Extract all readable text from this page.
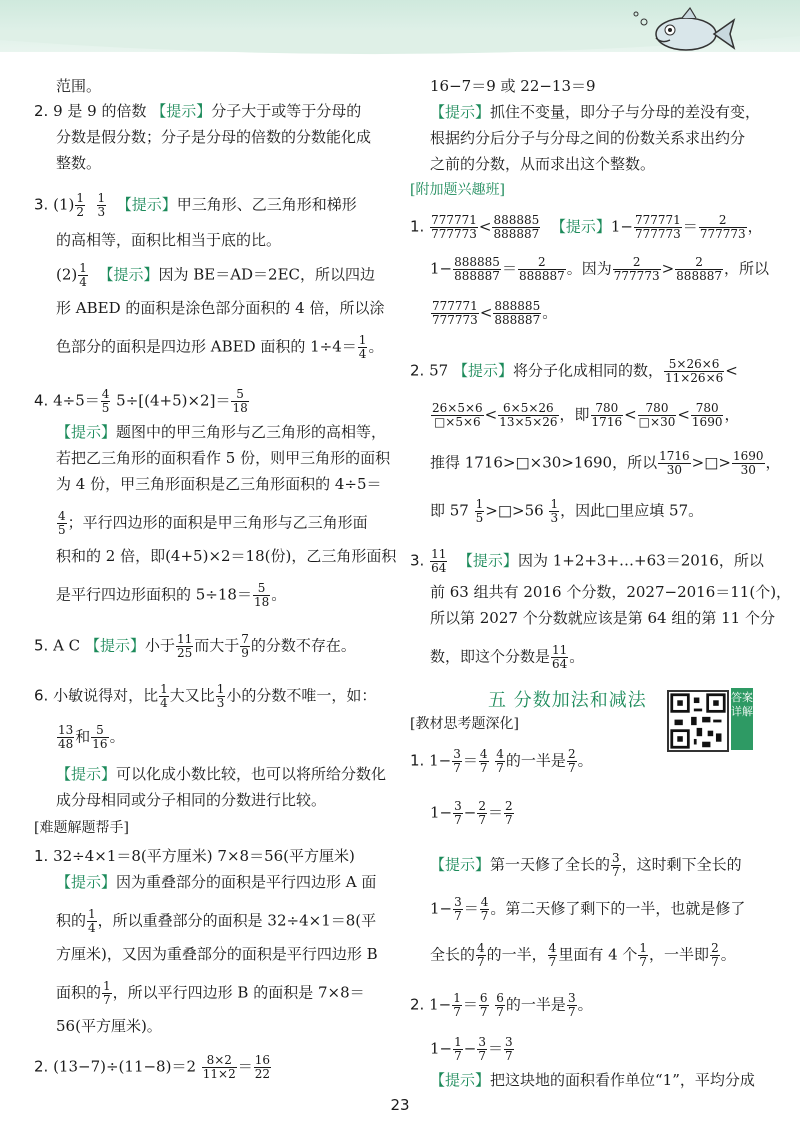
范围。
2. 9 是 9 的倍数 【提示】分子大于或等于分母的
分数是假分数；分子是分母的倍数的分数能化成
整数。
3. $(1) \frac{1}{2}$
$\frac{1}{3}$ 【提示】甲三角形、乙三角形和梯形
的高相等，面积比相当于底的比。
$(2) \frac{1}{4}$ 【提示】因为 BE＝AD＝2EC，所以四边
形 ABED 的面积是涂色部分面积的 4 倍，所以涂
色部分的面积是四边形 ABED 面积的 $1\div 4= \frac{1}{4}$ 。
4. $4\div 5= \frac{4}{5} 5\div[(4+5)\times 2]= \frac{5}{18}$
【提示】题图中的甲三角形与乙三角形的高相等，
若把乙三角形的面积看作 5 份，则甲三角形的面积
为 4 份，甲三角形面积是乙三角形面积的 4÷5＝
$\frac{4}{5}$ ；平行四边形的面积是甲三角形与乙三角形面
积和的 2 倍，即(4+5)×2＝18(份)，乙三角形面积
是平行四边形面积的 $5\div 18= \frac{5}{18}$ 。
5. A C 【提示】小于 $\frac{11}{25}$ 而大于 $\frac{7}{9}$ 的分数不存在。
6. 小敏说得对，比 $\frac{1}{4}$ 大又比 $\frac{1}{3}$ 小的分数不唯一，如：
$\frac{13}{48}$ 和 $\frac{5}{16}$ 。
【提示】可以化成小数比较，也可以将所给分数化
成分母相同或分子相同的分数进行比较。
[难题解题帮手]
1. 32÷4×1＝8(平方厘米) 7×8＝56(平方厘米)
【提示】因为重叠部分的面积是平行四边形 A 面
积的 $\frac{1}{4}$ ，所以重叠部分的面积是 32÷4×1＝8(平
方厘米)，又因为重叠部分的面积是平行四边形 B
面积的 $\frac{1}{7}$ ，所以平行四边形 B 的面积是 7×8＝
56(平方厘米)。
2. $(13-7)\div(11-8)=2 \frac{8\times 2}{11\times 2} = \frac{16}{22}$
16−7＝9 或 22−13＝9
【提示】抓住不变量，即分子与分母的差没有变，
根据约分后分子与分母之间的份数关系求出约分
之前的分数，从而求出这个整数。
[附加题兴趣班]
1. $\frac{777771}{777773} < \frac{888885}{888887}$ 【提示】$1- \frac{777771}{777773} = \frac{2}{777773}$ ，
$1- \frac{888885}{888887} = \frac{2}{888887}$ 。因为 $\frac{2}{777773} > \frac{2}{888887}$ ，所以
$\frac{777771}{777773} < \frac{888885}{888887}$ 。
2. 57 【提示】将分子化成相同的数， $\frac{5\times 26\times 6}{11\times 26\times 6}$ <
$\frac{26\times 5\times 6}{□\times 5\times 6} < \frac{6\times 5\times 26}{13\times 5\times 26}$ ，即 $\frac{780}{1716} < \frac{780}{□\times 30} < \frac{780}{1690}$ ，
推得 1716>□×30>1690，所以 $\frac{1716}{30}$ >□> $\frac{1690}{30}$ ，
即 $57 \frac{1}{5}$ >□>56 $\frac{1}{3}$ ，因此□里应填 57。
3. $\frac{11}{64}$ 【提示】因为 1+2+3+…+63＝2016，所以
前 63 组共有 2016 个分数，2027−2016＝11(个)，
所以第 2027 个分数就应该是第 64 组的第 11 个分
数，即这个分数是 $\frac{11}{64}$ 。
五 分数加法和减法
[教材思考题深化]
1. $1- \frac{3}{7} = \frac{4}{7}$
$\frac{4}{7}$ 的一半是 $\frac{2}{7}$ 。
$1- \frac{3}{7} - \frac{2}{7} = \frac{2}{7}$
【提示】第一天修了全长的 $\frac{3}{7}$ ，这时剩下全长的
$1- \frac{3}{7} = \frac{4}{7}$ 。第二天修了剩下的一半，也就是修了
全长的 $\frac{4}{7}$ 的一半， $\frac{4}{7}$ 里面有 4 个 $\frac{1}{7}$ ，一半即 $\frac{2}{7}$ 。
2. $1- \frac{1}{7} = \frac{6}{7}$
$\frac{6}{7}$ 的一半是 $\frac{3}{7}$ 。
$1- \frac{1}{7} - \frac{3}{7} = \frac{3}{7}$
【提示】把这块地的面积看作单位“1”，平均分成
答案详解
23
